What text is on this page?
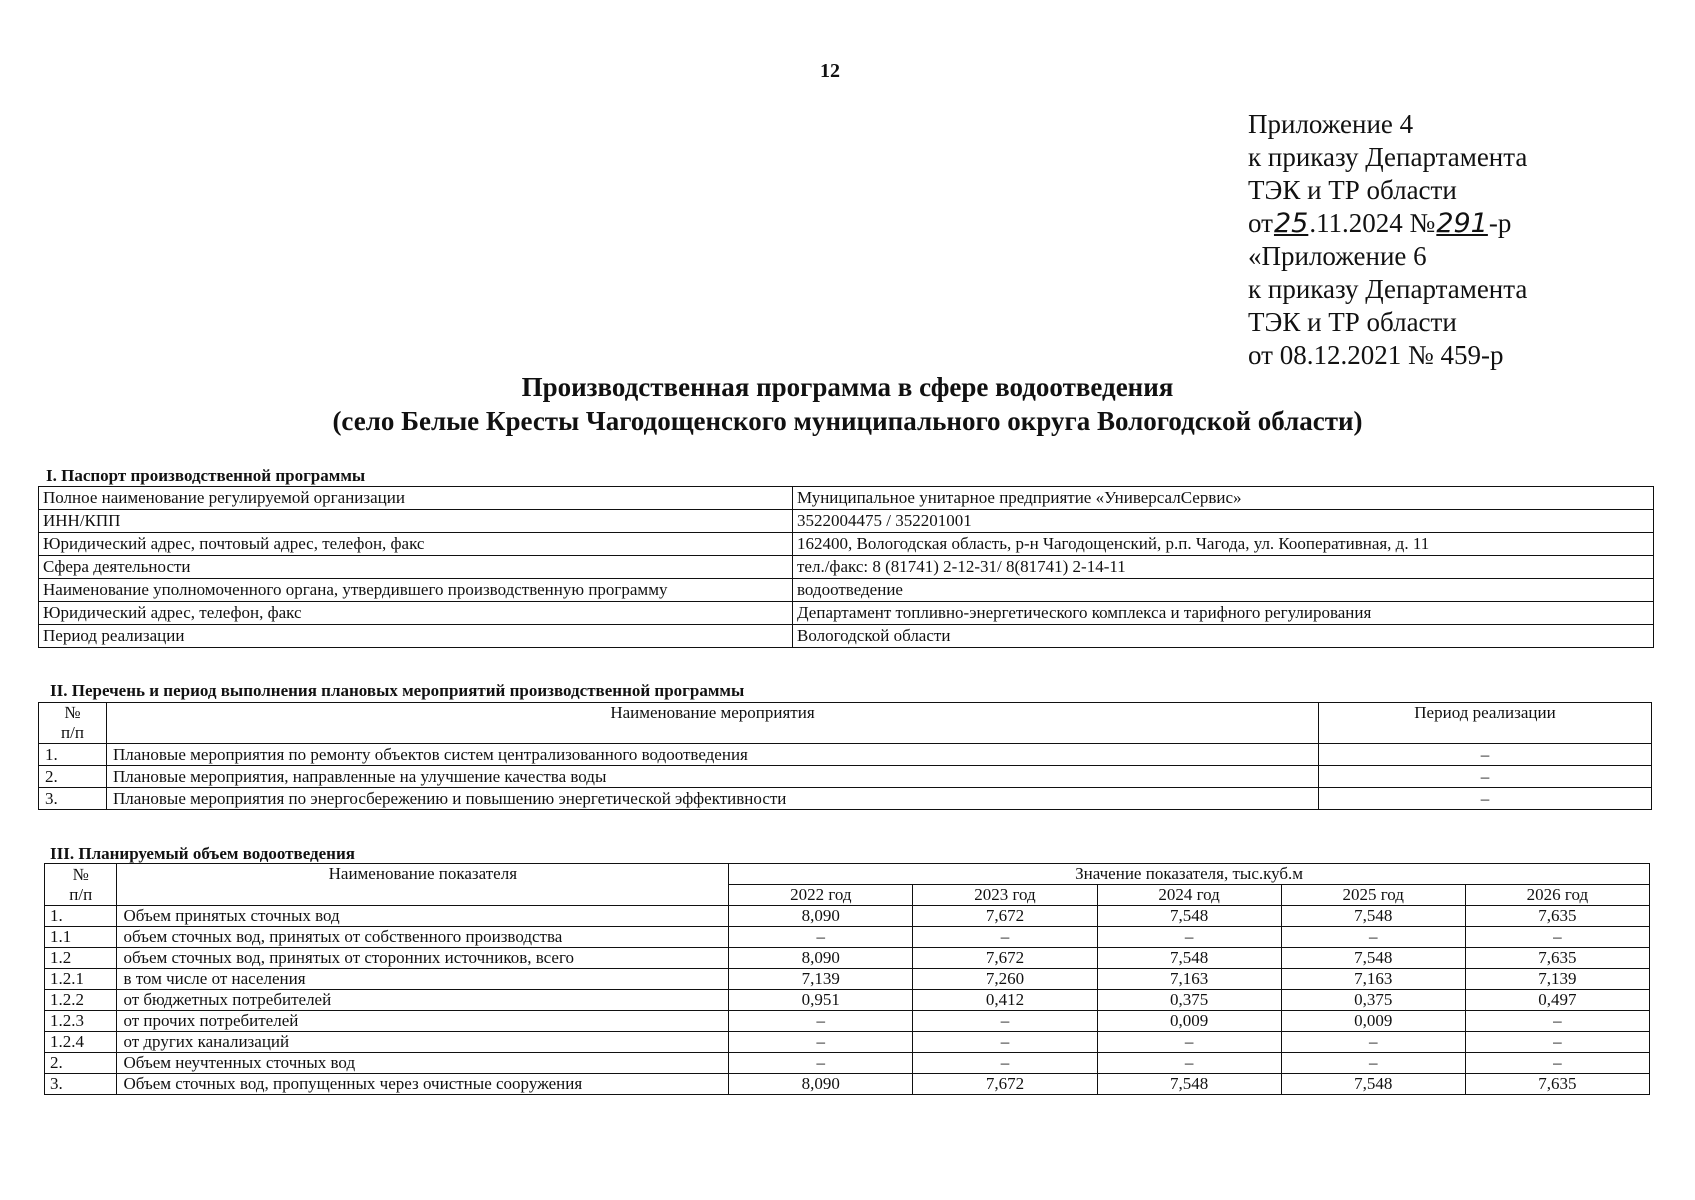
12
Приложение 4
к приказу Департамента
ТЭК и ТР области
от25.11.2024 №291-р
«Приложение 6
к приказу Департамента
ТЭК и ТР области
от 08.12.2021 № 459-р
Производственная программа в сфере водоотведения
(село Белые Кресты Чагодощенского муниципального округа Вологодской области)
I. Паспорт производственной программы
Полное наименование регулируемой организации	Муниципальное унитарное предприятие «УниверсалСервис»
ИНН/КПП	3522004475 / 352201001
Юридический адрес, почтовый адрес, телефон, факс	162400, Вологодская область, р-н Чагодощенский, р.п. Чагода, ул. Кооперативная, д. 11
Сфера деятельности	тел./факс: 8 (81741) 2-12-31/ 8(81741) 2-14-11
Наименование уполномоченного органа, утвердившего производственную программу	водоотведение
Юридический адрес, телефон, факс	Департамент топливно-энергетического комплекса и тарифного регулирования
Период реализации	Вологодской области
II. Перечень и период выполнения плановых мероприятий производственной программы
№
п/п	Наименование мероприятия	Период реализации
1.	Плановые мероприятия по ремонту объектов систем централизованного водоотведения	–
2.	Плановые мероприятия, направленные на улучшение качества воды	–
3.	Плановые мероприятия по энергосбережению и повышению энергетической эффективности	–
III. Планируемый объем водоотведения
№
п/п	Наименование показателя	Значение показателя, тыс.куб.м				
		2022 год	2023 год	2024 год	2025 год	2026 год
1.	Объем принятых сточных вод	8,090	7,672	7,548	7,548	7,635
1.1	объем сточных вод, принятых от собственного производства	–	–	–	–	–
1.2	объем сточных вод, принятых от сторонних источников, всего	8,090	7,672	7,548	7,548	7,635
1.2.1	в том числе от населения	7,139	7,260	7,163	7,163	7,139
1.2.2	от бюджетных потребителей	0,951	0,412	0,375	0,375	0,497
1.2.3	от прочих потребителей	–	–	0,009	0,009	–
1.2.4	от других канализаций	–	–	–	–	–
2.	Объем неучтенных сточных вод	–	–	–	–	–
3.	Объем сточных вод, пропущенных через очистные сооружения	8,090	7,672	7,548	7,548	7,635
